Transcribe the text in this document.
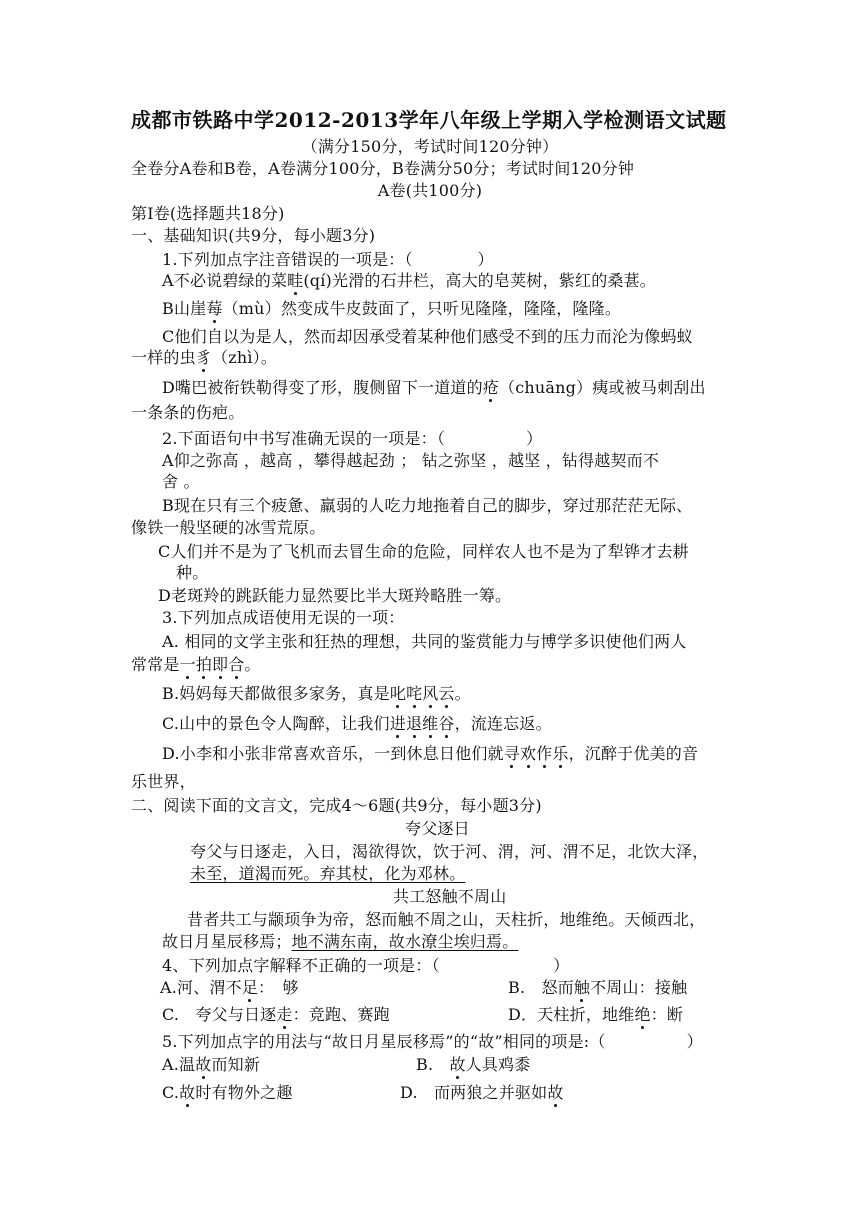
成都市铁路中学2012-2013学年八年级上学期入学检测语文试题
（满分150分，考试时间120分钟）
全卷分A卷和B卷，A卷满分100分，B卷满分50分；考试时间120分钟
A卷(共100分)
第Ⅰ卷(选择题共18分)
一、基础知识(共9分，每小题3分)
1.下列加点字注音错误的一项是：（　　　　）
A不必说碧绿的菜畦(qí)光滑的石井栏，高大的皂荚树，紫红的桑葚。
B山崖莓（mù）然变成牛皮鼓面了，只听见隆隆，隆隆，隆隆。
C他们自以为是人，然而却因承受着某种他们感受不到的压力而沦为像蚂蚁
一样的虫豸（zhì）。
D嘴巴被衔铁勒得变了形，腹侧留下一道道的疮（chuāng）痍或被马刺刮出
一条条的伤疤。
2.下面语句中书写准确无误的一项是：（　　　　　）
A仰之弥高 ，越高 ，攀得越起劲 ； 钻之弥坚 ，越坚 ，钻得越契而不
舍 。
B现在只有三个疲惫、羸弱的人吃力地拖着自己的脚步，穿过那茫茫无际、
像铁一般坚硬的冰雪荒原。
C人们并不是为了飞机而去冒生命的危险，同样农人也不是为了犁铧才去耕
种。
D老斑羚的跳跃能力显然要比半大斑羚略胜一筹。
3.下列加点成语使用无误的一项：
A. 相同的文学主张和狂热的理想，共同的鉴赏能力与博学多识使他们两人
常常是一拍即合。
B.妈妈每天都做很多家务，真是叱咤风云。
C.山中的景色令人陶醉，让我们进退维谷，流连忘返。
D.小李和小张非常喜欢音乐，一到休息日他们就寻欢作乐，沉醉于优美的音
乐世界，
二、阅读下面的文言文，完成4～6题(共9分，每小题3分)
夸父逐日
夸父与日逐走，入日，渴欲得饮，饮于河、渭，河、渭不足，北饮大泽，
未至，道渴而死。弃其杖，化为邓林。
共工怒触不周山
昔者共工与颛顼争为帝，怒而触不周之山，天柱折，地维绝。天倾西北，
故日月星辰移焉；地不满东南，故水潦尘埃归焉。
4、下列加点字解释不正确的一项是：（　　　　　　　）
A.河、渭不足：　够	B.　怒而触不周山：接触
C.　夸父与日逐走：竞跑、赛跑	D．天柱折，地维绝：断
5.下列加点字的用法与“故日月星辰移焉”的“故”相同的项是:（　　　　　）
A.温故而知新	B.　故人具鸡黍
C.故时有物外之趣	D.　而两狼之并驱如故
